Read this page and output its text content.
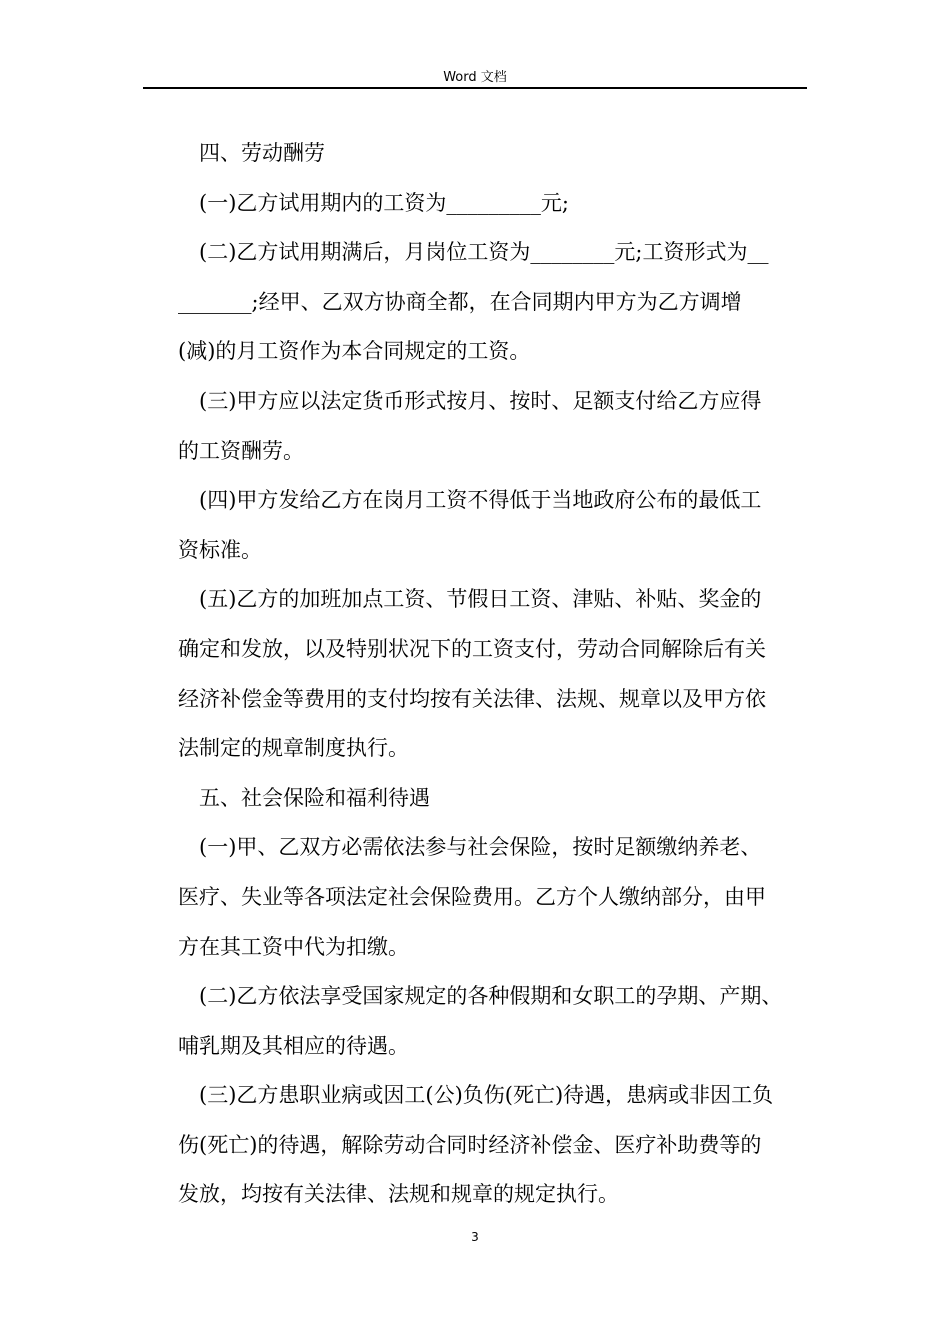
Word 文档

四、劳动酬劳

(一)乙方试用期内的工资为_________元;

(二)乙方试用期满后，月岗位工资为________元;工资形式为__

_______;经甲、乙双方协商全都，在合同期内甲方为乙方调增

(减)的月工资作为本合同规定的工资。

(三)甲方应以法定货币形式按月、按时、足额支付给乙方应得

的工资酬劳。

(四)甲方发给乙方在岗月工资不得低于当地政府公布的最低工

资标准。

(五)乙方的加班加点工资、节假日工资、津贴、补贴、奖金的

确定和发放，以及特别状况下的工资支付，劳动合同解除后有关

经济补偿金等费用的支付均按有关法律、法规、规章以及甲方依

法制定的规章制度执行。

五、社会保险和福利待遇

(一)甲、乙双方必需依法参与社会保险，按时足额缴纳养老、

医疗、失业等各项法定社会保险费用。乙方个人缴纳部分，由甲

方在其工资中代为扣缴。

(二)乙方依法享受国家规定的各种假期和女职工的孕期、产期、

哺乳期及其相应的待遇。

(三)乙方患职业病或因工(公)负伤(死亡)待遇，患病或非因工负

伤(死亡)的待遇，解除劳动合同时经济补偿金、医疗补助费等的

发放，均按有关法律、法规和规章的规定执行。

3
